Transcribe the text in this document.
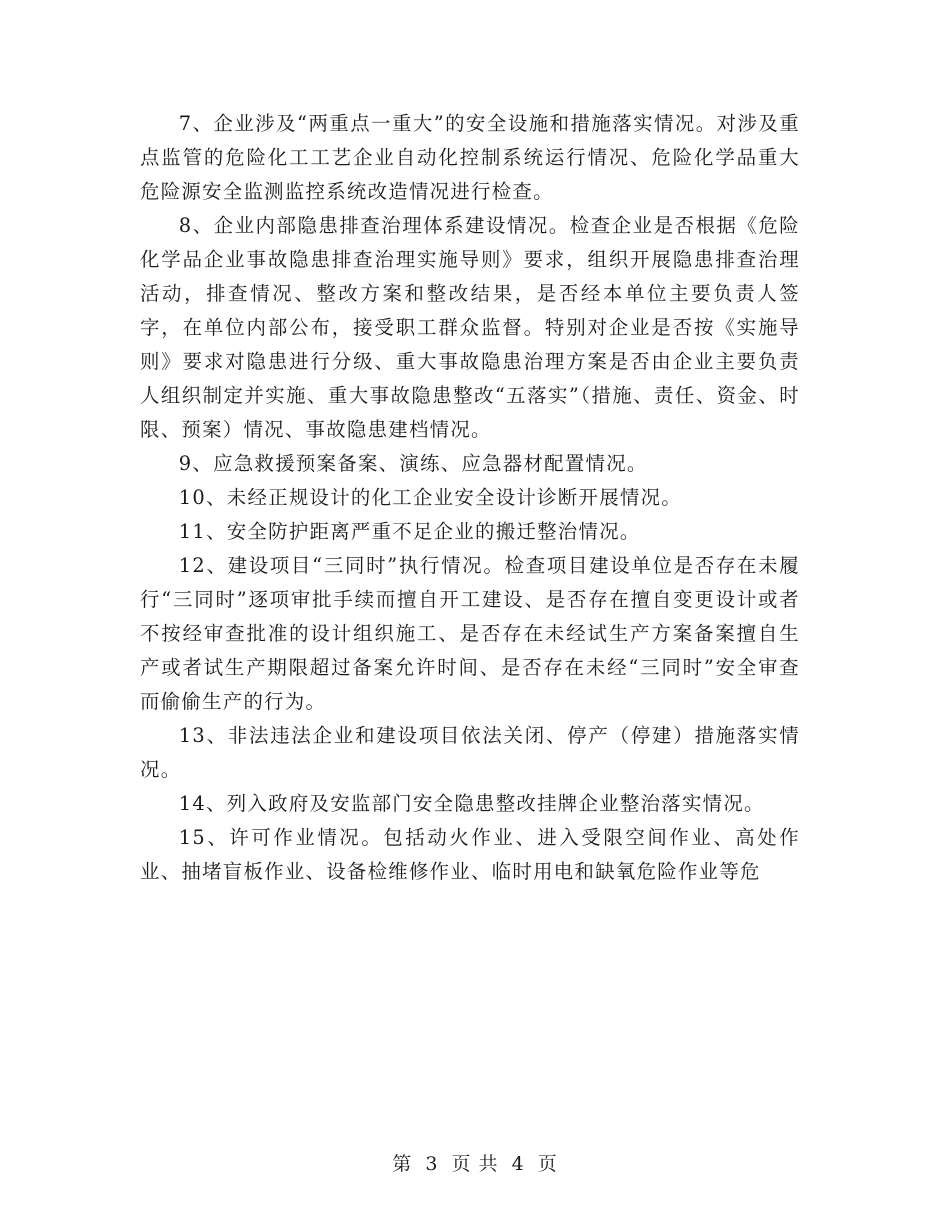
7、企业涉及“两重点一重大”的安全设施和措施落实情况。对涉及重点监管的危险化工工艺企业自动化控制系统运行情况、危险化学品重大危险源安全监测监控系统改造情况进行检查。

8、企业内部隐患排查治理体系建设情况。检查企业是否根据《危险化学品企业事故隐患排查治理实施导则》要求，组织开展隐患排查治理活动，排查情况、整改方案和整改结果，是否经本单位主要负责人签字，在单位内部公布，接受职工群众监督。特别对企业是否按《实施导则》要求对隐患进行分级、重大事故隐患治理方案是否由企业主要负责人组织制定并实施、重大事故隐患整改“五落实”（措施、责任、资金、时限、预案）情况、事故隐患建档情况。

9、应急救援预案备案、演练、应急器材配置情况。

10、未经正规设计的化工企业安全设计诊断开展情况。

11、安全防护距离严重不足企业的搬迁整治情况。

12、建设项目“三同时”执行情况。检查项目建设单位是否存在未履行“三同时”逐项审批手续而擅自开工建设、是否存在擅自变更设计或者不按经审查批准的设计组织施工、是否存在未经试生产方案备案擅自生产或者试生产期限超过备案允许时间、是否存在未经“三同时”安全审查而偷偷生产的行为。

13、非法违法企业和建设项目依法关闭、停产（停建）措施落实情况。

14、列入政府及安监部门安全隐患整改挂牌企业整治落实情况。

15、许可作业情况。包括动火作业、进入受限空间作业、高处作业、抽堵盲板作业、设备检维修作业、临时用电和缺氧危险作业等危

第 3 页 共 4 页
